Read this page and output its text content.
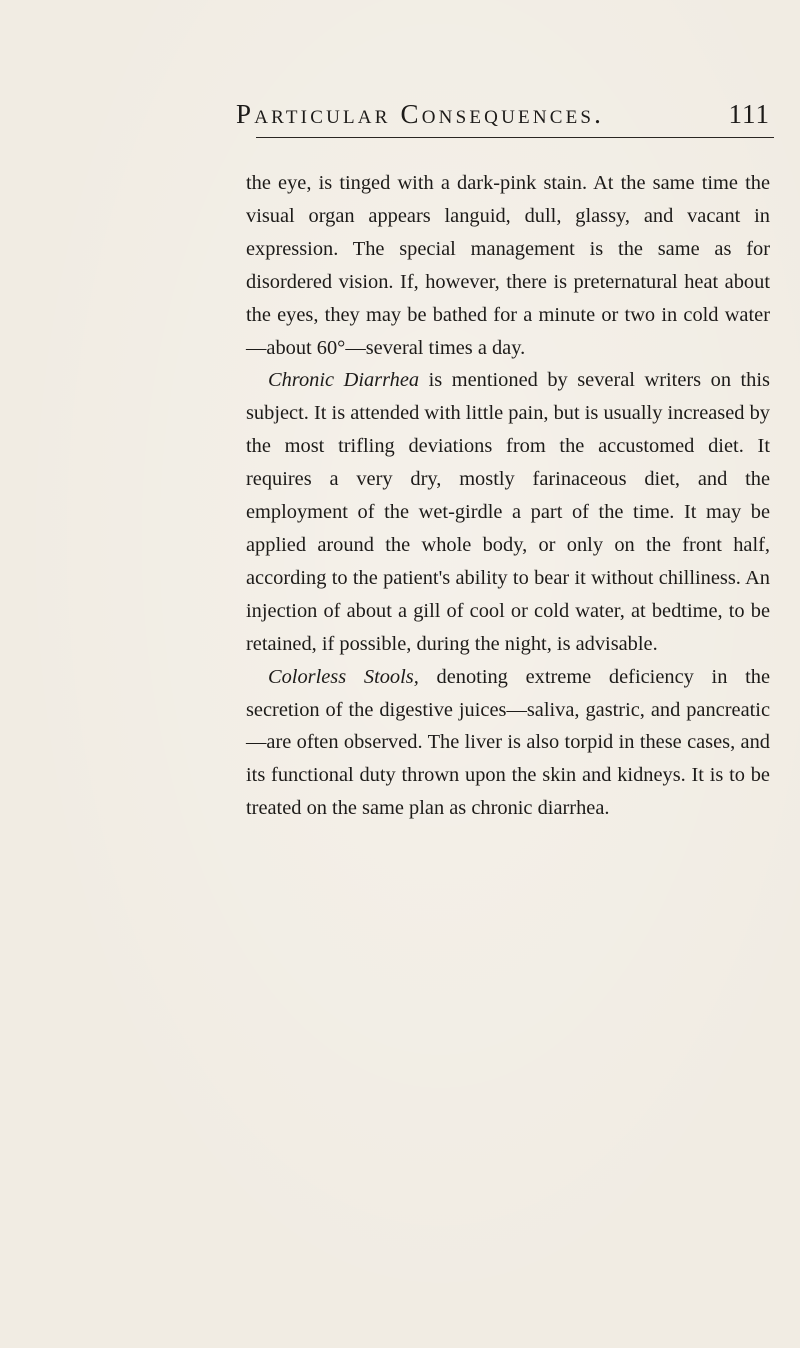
Particular Consequences.	111

the eye, is tinged with a dark-pink stain. At the same time the visual organ appears languid, dull, glassy, and vacant in expression. The special management is the same as for disordered vision. If, however, there is preternatural heat about the eyes, they may be bathed for a minute or two in cold water—about 60°—several times a day.

Chronic Diarrhea is mentioned by several writers on this subject. It is attended with little pain, but is usually increased by the most trifling deviations from the accustomed diet. It requires a very dry, mostly farinaceous diet, and the employment of the wet-girdle a part of the time. It may be applied around the whole body, or only on the front half, according to the patient's ability to bear it without chilliness. An injection of about a gill of cool or cold water, at bedtime, to be retained, if possible, during the night, is advisable.

Colorless Stools, denoting extreme deficiency in the secretion of the digestive juices—saliva, gastric, and pancreatic—are often observed. The liver is also torpid in these cases, and its functional duty thrown upon the skin and kidneys. It is to be treated on the same plan as chronic diarrhea.
